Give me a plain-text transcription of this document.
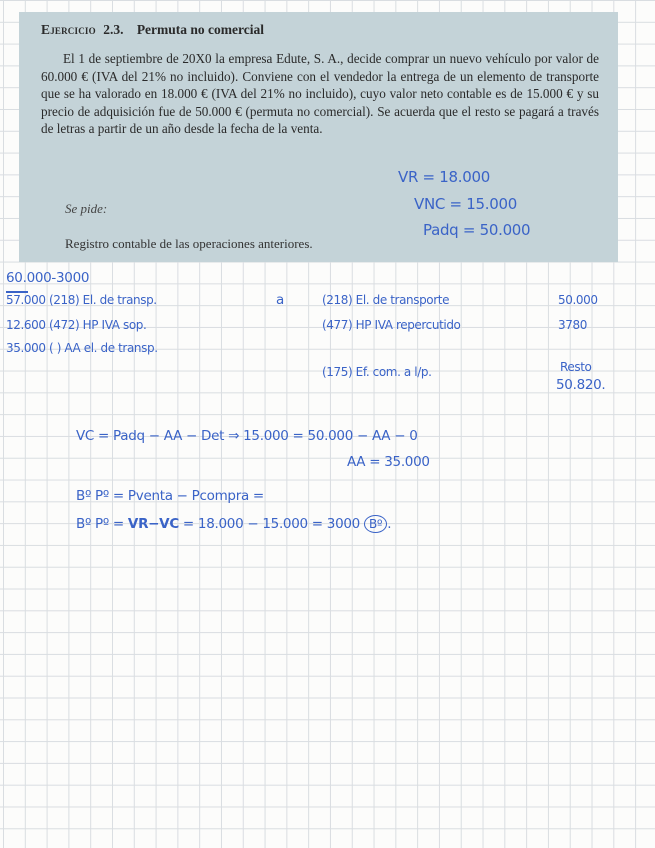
Ejercicio 2.3. Permuta no comercial

El 1 de septiembre de 20X0 la empresa Edute, S. A., decide comprar un nuevo vehículo por valor de 60.000 € (IVA del 21% no incluido). Conviene con el vendedor la entrega de un elemento de transporte que se ha valorado en 18.000 € (IVA del 21% no incluido), cuyo valor neto contable es de 15.000 € y su precio de adquisición fue de 50.000 € (permuta no comercial). Se acuerda que el resto se pagará a través de letras a partir de un año desde la fecha de la venta.

Se pide:
Registro contable de las operaciones anteriores.
VR = 18.000
VNC = 15.000
Padq = 50.000
60.000-3000
57.000 (218) El. de transp.
12.600 (472) HP IVA sop.
35.000 ( ) AA el. de transp.
a	(218) El. de transporte
(477) HP IVA repercutido
(175) Ef. com. a l/p.
50.000
3780
Resto
50.820.
VC = Padq − AA − Det ⇒ 15.000 = 50.000 − AA − 0
AA = 35.000
Bº Pº = Pventa − Pcompra =
Bº Pº = VR−VC = 18.000 − 15.000 = 3000 Bº .
